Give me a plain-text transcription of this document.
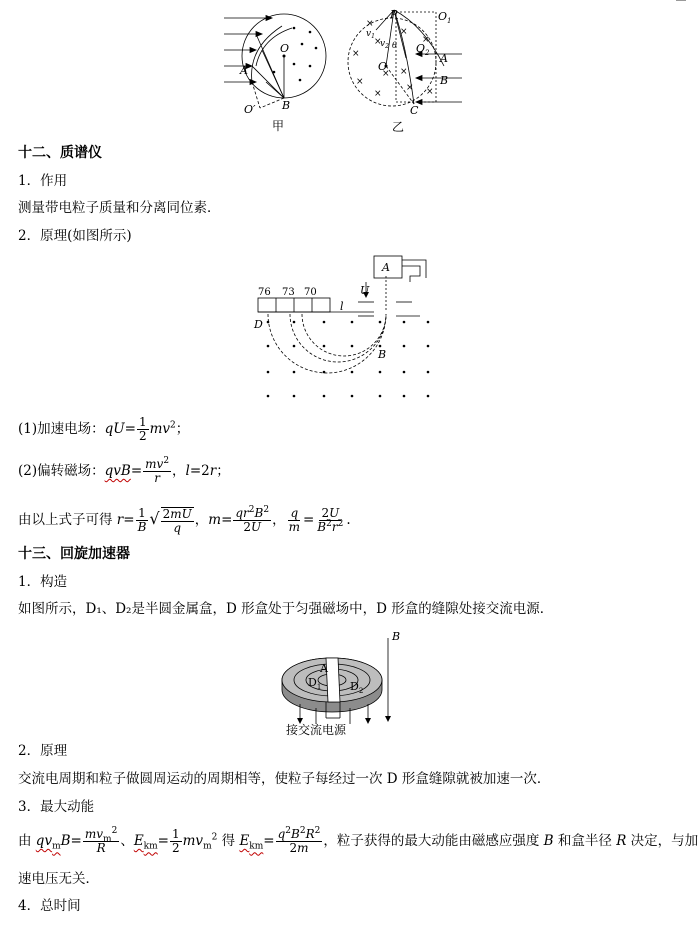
O
A
B
O′
甲
×
×
×
×
× ×
×
×
×
×
×
P	$O_1$
$O_2$
O
A
B
C
$v_1$
$v_2$ θ
乙
十二、质谱仪
1．作用
测量带电粒子质量和分离同位素．
2．原理(如图所示)
A
U
76 73 70
l
D
B
(1)加速电场：$qU= \frac{1}{2} mv^2$；
(2)偏转磁场：$qvB= \frac{mv^2}{r}$ ，l=2r；
由以上式子可得 $r= \frac{1}{B}$ √ $\frac{2mU}{q}$ ，$m= \frac{qr^2B^2}{2U}$ ， $\frac{q}{m} = \frac{2U}{B^2r^2}$ .
十三、回旋加速器
1．构造
如图所示，D₁、D₂是半圆金属盒，D 形盒处于匀强磁场中，D 形盒的缝隙处接交流电源．
B
A
$D_1$	$D_2$
接交流电源
2．原理
交流电周期和粒子做圆周运动的周期相等，使粒子每经过一次 D 形盒缝隙就被加速一次．
3．最大动能
由 $qv_mB= \frac{mv_m^2}{R}$ 、$E_{km}= \frac{1}{2} mv_m^2$ 得 $E_{km}= \frac{q^2B^2R^2}{2m}$ ，粒子获得的最大动能由磁感应强度 B 和盒半径 R 决定，与加
速电压无关．
4．总时间
